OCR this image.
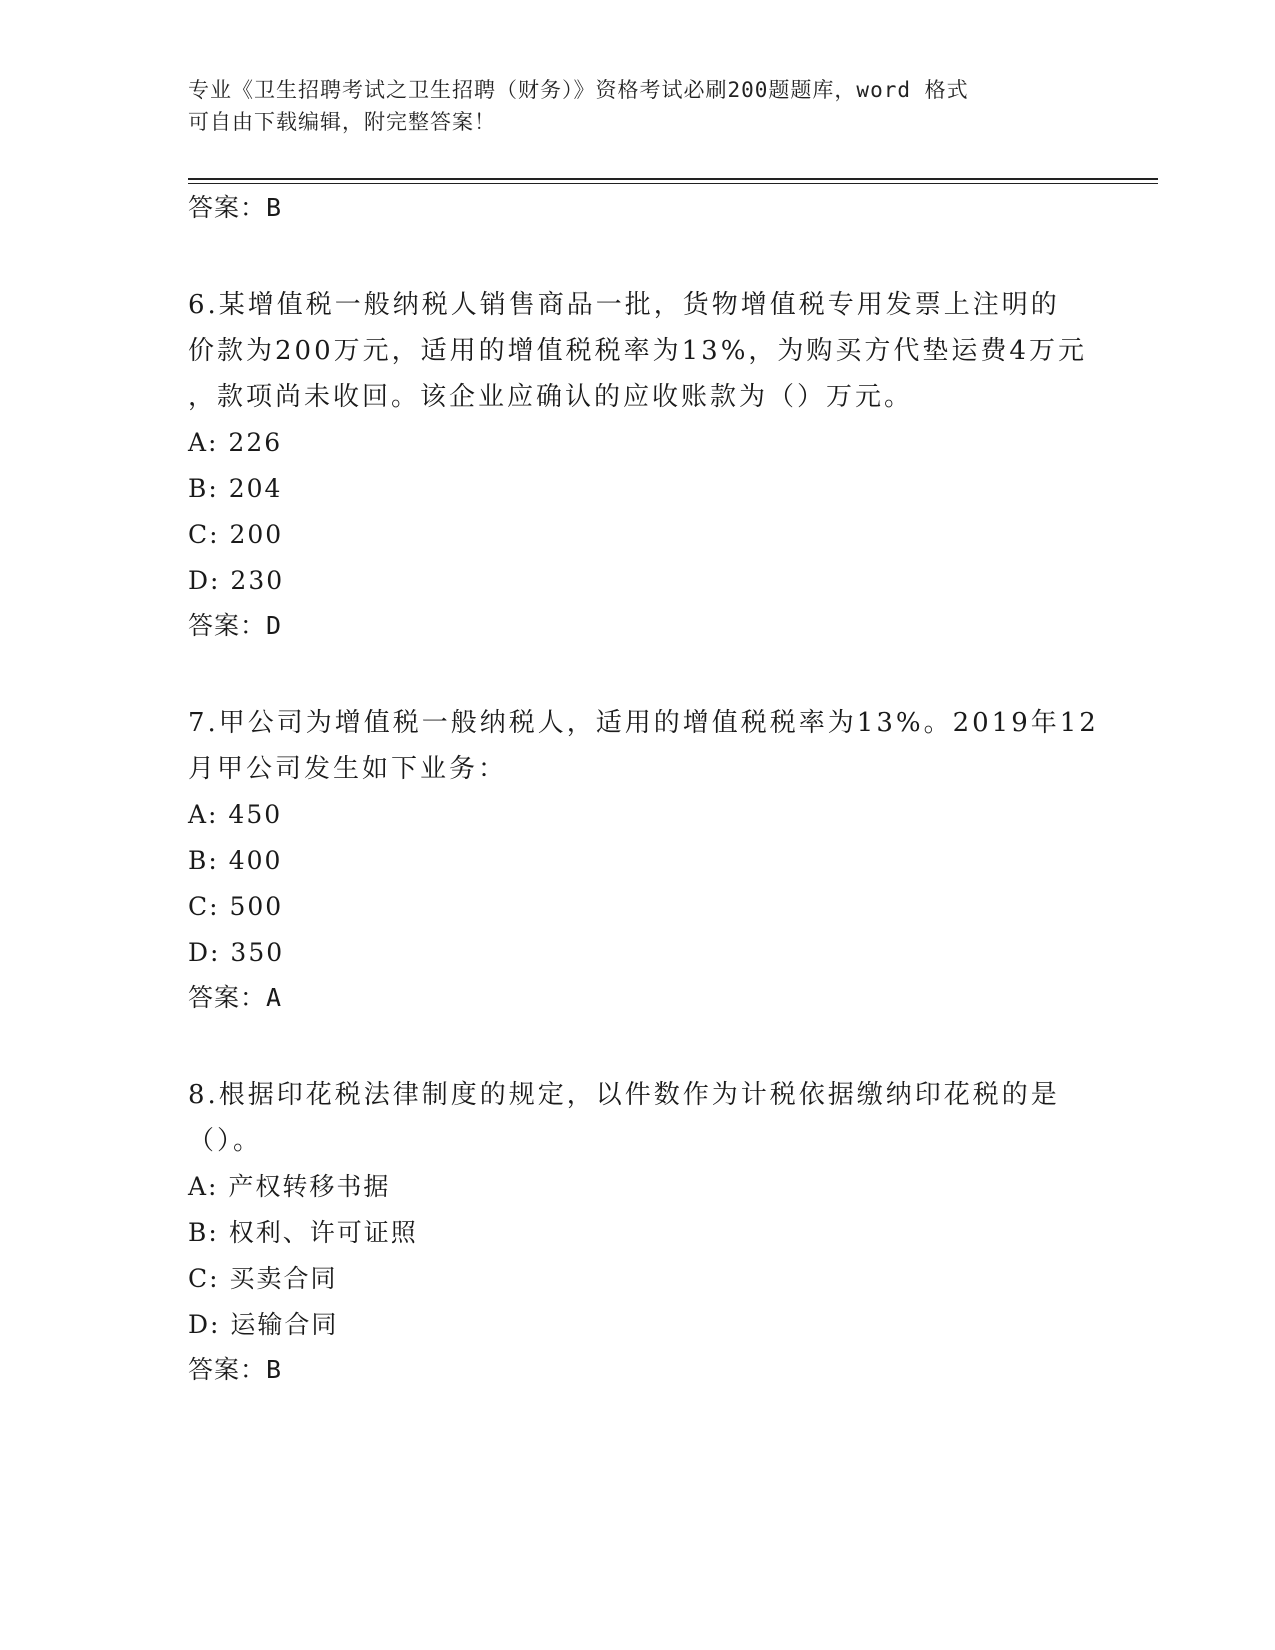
专业《卫生招聘考试之卫生招聘（财务）》资格考试必刷200题题库，word 格式
可自由下载编辑，附完整答案！
答案：B
6.某增值税一般纳税人销售商品一批，货物增值税专用发票上注明的
价款为200万元，适用的增值税税率为13%，为购买方代垫运费4万元
，款项尚未收回。该企业应确认的应收账款为（）万元。
A: 226
B: 204
C: 200
D: 230
答案：D
7.甲公司为增值税一般纳税人，适用的增值税税率为13%。2019年12
月甲公司发生如下业务：
A: 450
B: 400
C: 500
D: 350
答案：A
8.根据印花税法律制度的规定，以件数作为计税依据缴纳印花税的是
（）。
A: 产权转移书据
B: 权利、许可证照
C: 买卖合同
D: 运输合同
答案：B
